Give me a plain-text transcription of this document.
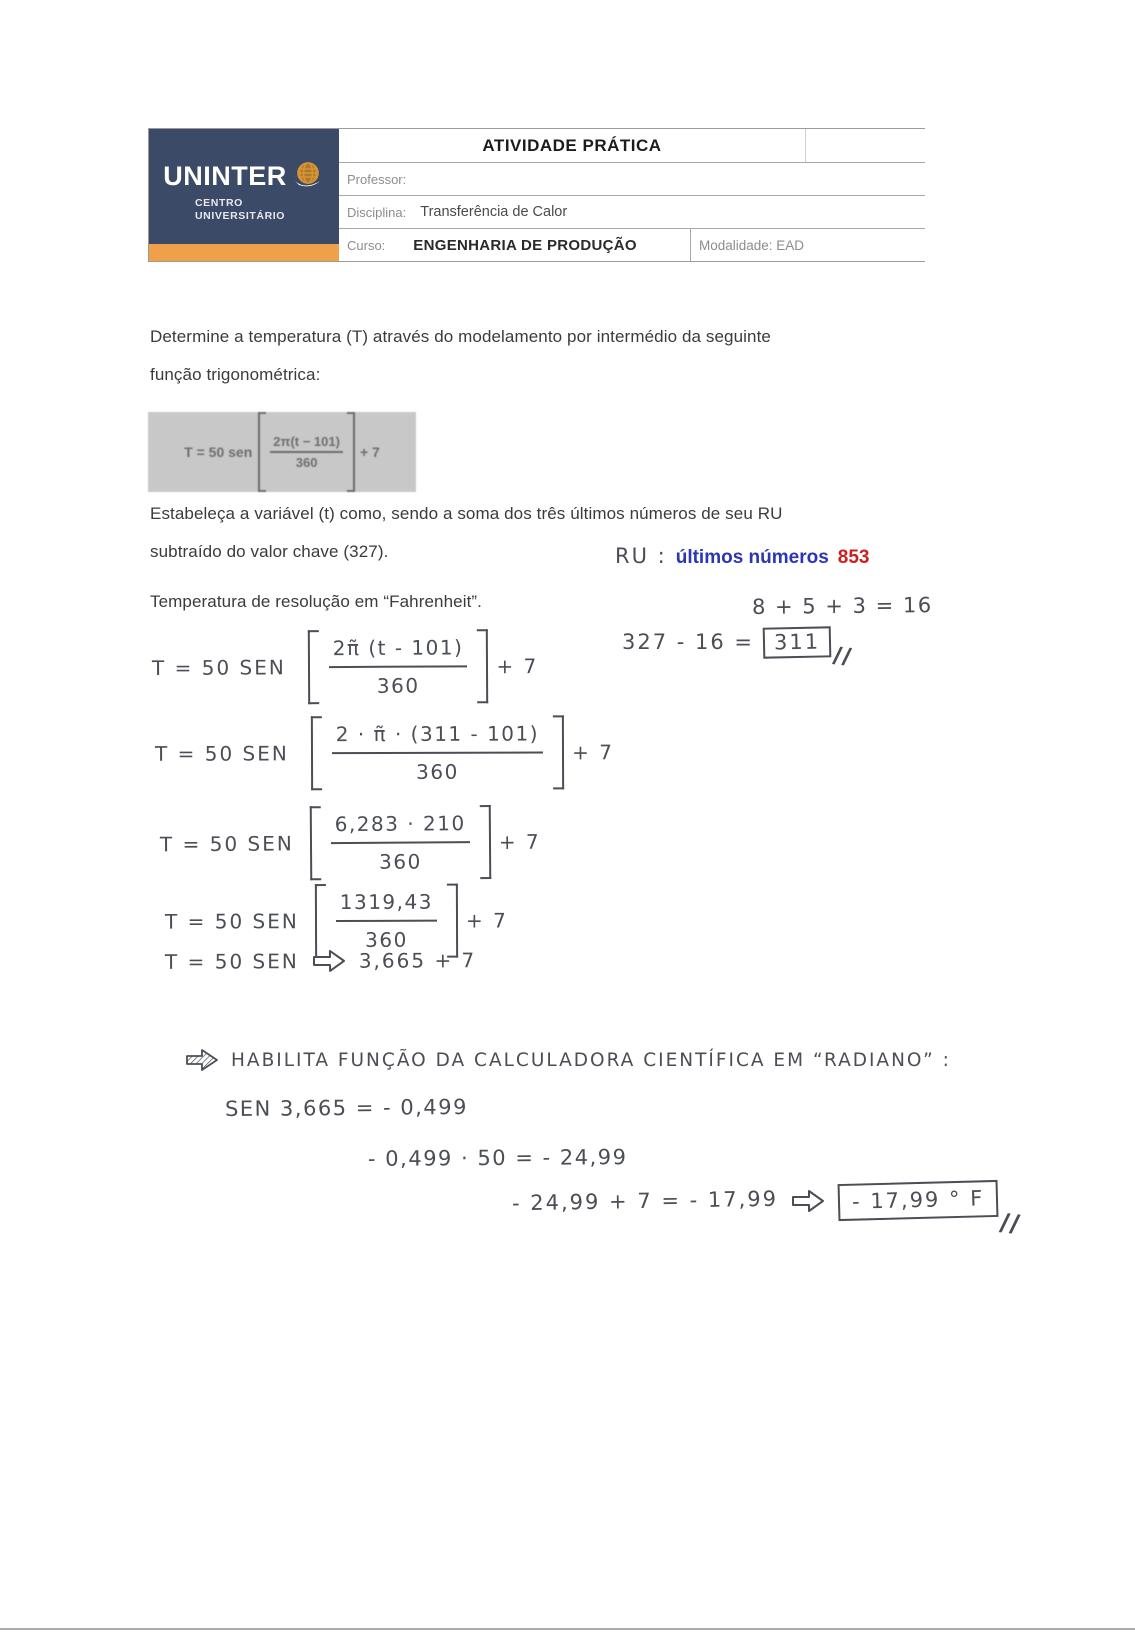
UNINTER
CENTRO
UNIVERSITÁRIO
ATIVIDADE PRÁTICA
Professor:
Disciplina: Transferência de Calor
Curso: ENGENHARIA DE PRODUÇÃO	Modalidade: EAD
Determine a temperatura (T) através do modelamento por intermédio da seguinte
função trigonométrica:
T = 50 sen $\frac{2\pi(t - 101)}{360} + 7$
Estabeleça a variável (t) como, sendo a soma dos três últimos números de seu RU
subtraído do valor chave (327).
Temperatura de resolução em “Fahrenheit”.
RU : últimos números 853
8 + 5 + 3 = 16
327 - 16 = 311
//
T = 50 SEN $\frac{2\pĩ (t - 101)}{360} + 7$
T = 50 SEN $\frac{2 \cdot \pĩ \cdot (311 - 101)}{360} + 7$
T = 50 SEN $\frac{6,283 \cdot 210}{360} + 7$
T = 50 SEN $\frac{1319,43}{360} + 7$
T = 50 SEN	3,665 + 7
HABILITA FUNÇÃO DA CALCULADORA CIENTÍFICA EM “RADIANO” :
SEN 3,665 = - 0,499
- 0,499 · 50 = - 24,99
- 24,99 + 7 = - 17,99	- 17,99 ° F
//
